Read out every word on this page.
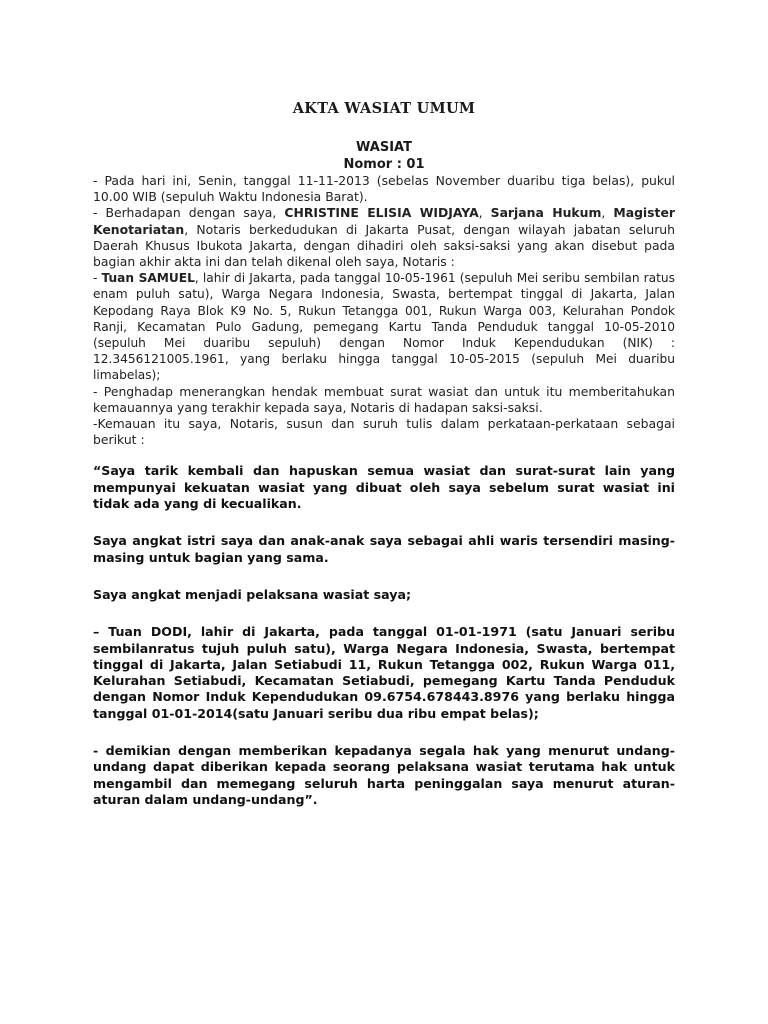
AKTA WASIAT UMUM
WASIAT
Nomor : 01

- Pada hari ini, Senin, tanggal 11-11-2013 (sebelas November duaribu tiga belas), pukul 10.00 WIB (sepuluh Waktu Indonesia Barat).

- Berhadapan dengan saya, CHRISTINE ELISIA WIDJAYA, Sarjana Hukum, Magister Kenotariatan, Notaris berkedudukan di Jakarta Pusat, dengan wilayah jabatan seluruh Daerah Khusus Ibukota Jakarta, dengan dihadiri oleh saksi-saksi yang akan disebut pada bagian akhir akta ini dan telah dikenal oleh saya, Notaris :

- Tuan SAMUEL, lahir di Jakarta, pada tanggal 10-05-1961 (sepuluh Mei seribu sembilan ratus enam puluh satu), Warga Negara Indonesia, Swasta, bertempat tinggal di Jakarta, Jalan Kepodang Raya Blok K9 No. 5, Rukun Tetangga 001, Rukun Warga 003, Kelurahan Pondok Ranji, Kecamatan Pulo Gadung, pemegang Kartu Tanda Penduduk tanggal 10-05-2010 (sepuluh Mei duaribu sepuluh) dengan Nomor Induk Kependudukan (NIK) : 12.3456121005.1961, yang berlaku hingga tanggal 10-05-2015 (sepuluh Mei duaribu limabelas);

- Penghadap menerangkan hendak membuat surat wasiat dan untuk itu memberitahukan kemauannya yang terakhir kepada saya, Notaris di hadapan saksi-saksi.

-Kemauan itu saya, Notaris, susun dan suruh tulis dalam perkataan-perkataan sebagai berikut :

“Saya tarik kembali dan hapuskan semua wasiat dan surat-surat lain yang mempunyai kekuatan wasiat yang dibuat oleh saya sebelum surat wasiat ini tidak ada yang di kecualikan.

Saya angkat istri saya dan anak-anak saya sebagai ahli waris tersendiri masing-masing untuk bagian yang sama.

Saya angkat menjadi pelaksana wasiat saya;

– Tuan DODI, lahir di Jakarta, pada tanggal 01-01-1971 (satu Januari seribu sembilanratus tujuh puluh satu), Warga Negara Indonesia, Swasta, bertempat tinggal di Jakarta, Jalan Setiabudi 11, Rukun Tetangga 002, Rukun Warga 011, Kelurahan Setiabudi, Kecamatan Setiabudi, pemegang Kartu Tanda Penduduk dengan Nomor Induk Kependudukan 09.6754.678443.8976 yang berlaku hingga tanggal 01-01-2014(satu Januari seribu dua ribu empat belas);

- demikian dengan memberikan kepadanya segala hak yang menurut undang-undang dapat diberikan kepada seorang pelaksana wasiat terutama hak untuk mengambil dan memegang seluruh harta peninggalan saya menurut aturan- aturan dalam undang-undang”.
